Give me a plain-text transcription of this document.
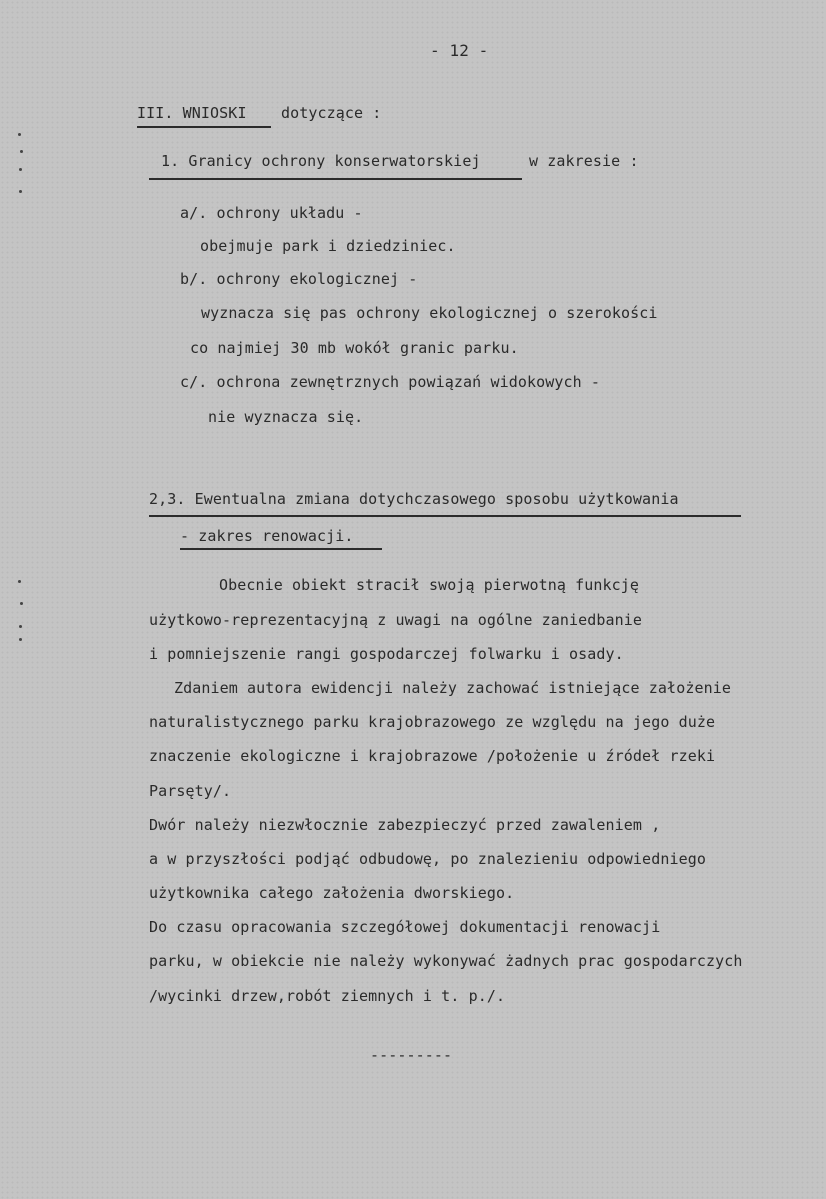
- 12 -
III. WNIOSKI dotyczące :
1. Granicy ochrony konserwatorskiej	w zakresie :
a/. ochrony układu -
obejmuje park i dziedziniec.
b/. ochrony ekologicznej -
wyznacza się pas ochrony ekologicznej o szerokości
co najmiej 30 mb wokół granic parku.
c/. ochrona zewnętrznych powiązań widokowych -
nie wyznacza się.
2,3. Ewentualna zmiana dotychczasowego sposobu użytkowania
- zakres renowacji.
Obecnie obiekt stracił swoją pierwotną funkcję
użytkowo-reprezentacyjną z uwagi na ogólne zaniedbanie
i pomniejszenie rangi gospodarczej folwarku i osady.
Zdaniem autora ewidencji należy zachować istniejące założenie
naturalistycznego parku krajobrazowego ze względu na jego duże
znaczenie ekologiczne i krajobrazowe /położenie u źródeł rzeki
Parsęty/.
Dwór należy niezwłocznie zabezpieczyć przed zawaleniem ,
a w przyszłości podjąć odbudowę, po znalezieniu odpowiedniego
użytkownika całego założenia dworskiego.
Do czasu opracowania szczegółowej dokumentacji renowacji
parku, w obiekcie nie należy wykonywać żadnych prac gospodarczych
/wycinki drzew,robót ziemnych i t. p./.
---------
